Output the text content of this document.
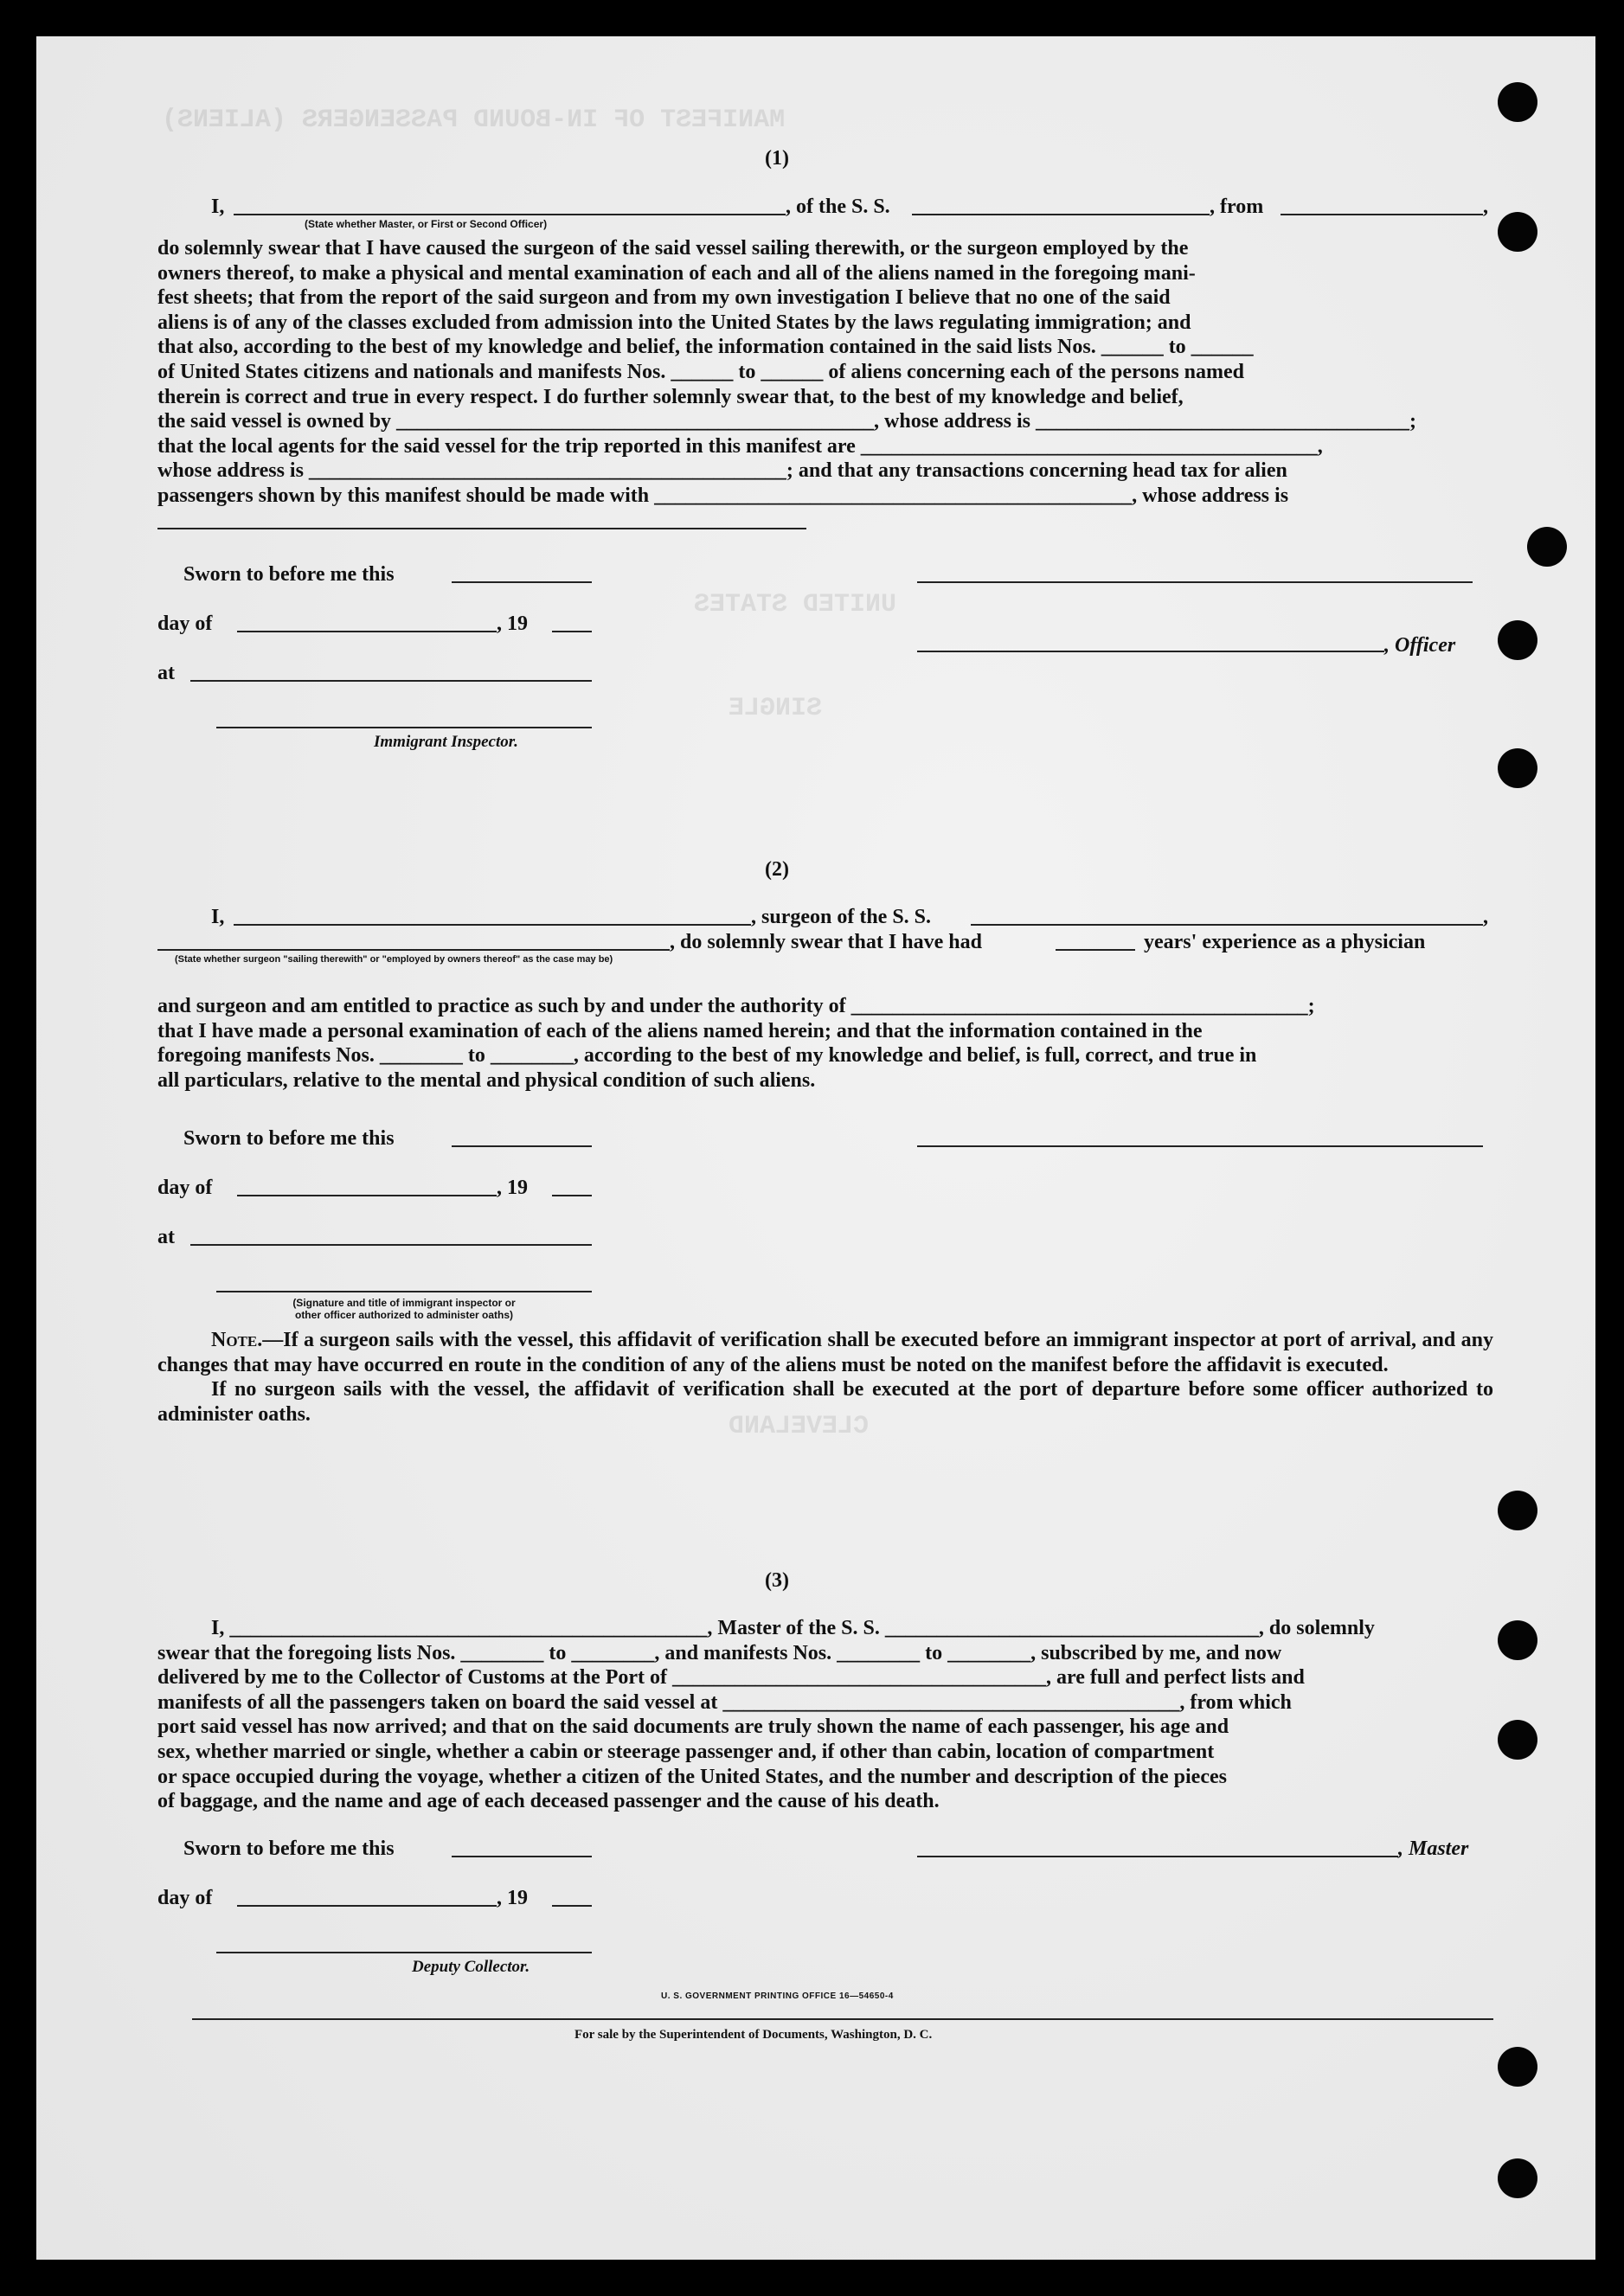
MANIFEST OF IN-BOUND PASSENGERS (ALIENS)
UNITED STATES
SINGLE
CLEVELAND
(1)
I,	, of the S. S.	, from	,
(State whether Master, or First or Second Officer)

do solemnly swear that I have caused the surgeon of the said vessel sailing therewith, or the surgeon employed by the

owners thereof, to make a physical and mental examination of each and all of the aliens named in the foregoing mani-

fest sheets; that from the report of the said surgeon and from my own investigation I believe that no one of the said

aliens is of any of the classes excluded from admission into the United States by the laws regulating immigration; and

that also, according to the best of my knowledge and belief, the information contained in the said lists Nos. ______ to ______

of United States citizens and nationals and manifests Nos. ______ to ______ of aliens concerning each of the persons named

therein is correct and true in every respect. I do further solemnly swear that, to the best of my knowledge and belief,

the said vessel is owned by ______________________________________________, whose address is ____________________________________;

that the local agents for the said vessel for the trip reported in this manifest are ____________________________________________,

whose address is ______________________________________________; and that any transactions concerning head tax for alien

passengers shown by this manifest should be made with ______________________________________________, whose address is

Sworn to before me this
day of	, 19
, Officer
at
Immigrant Inspector.
(2)
I,	, surgeon of the S. S.	,
, do solemnly swear that I have had	years' experience as a physician
(State whether surgeon "sailing therewith" or "employed by owners thereof" as the case may be)

and surgeon and am entitled to practice as such by and under the authority of ____________________________________________;

that I have made a personal examination of each of the aliens named herein; and that the information contained in the

foregoing manifests Nos. ________ to ________, according to the best of my knowledge and belief, is full, correct, and true in

all particulars, relative to the mental and physical condition of such aliens.

Sworn to before me this
day of	, 19
at
(Signature and title of immigrant inspector or
other officer authorized to administer oaths)

Note.—If a surgeon sails with the vessel, this affidavit of verification shall be executed before an immigrant inspector at port of arrival, and any changes that may have occurred en route in the condition of any of the aliens must be noted on the manifest before the affidavit is executed.

If no surgeon sails with the vessel, the affidavit of verification shall be executed at the port of departure before some officer authorized to administer oaths.

(3)

I, ______________________________________________, Master of the S. S. ____________________________________, do solemnly

swear that the foregoing lists Nos. ________ to ________, and manifests Nos. ________ to ________, subscribed by me, and now

delivered by me to the Collector of Customs at the Port of ____________________________________, are full and perfect lists and

manifests of all the passengers taken on board the said vessel at ____________________________________________, from which

port said vessel has now arrived; and that on the said documents are truly shown the name of each passenger, his age and

sex, whether married or single, whether a cabin or steerage passenger and, if other than cabin, location of compartment

or space occupied during the voyage, whether a citizen of the United States, and the number and description of the pieces

of baggage, and the name and age of each deceased passenger and the cause of his death.

Sworn to before me this	, Master
day of	, 19
Deputy Collector.
U. S. GOVERNMENT PRINTING OFFICE 16—54650-4
For sale by the Superintendent of Documents, Washington, D. C.
